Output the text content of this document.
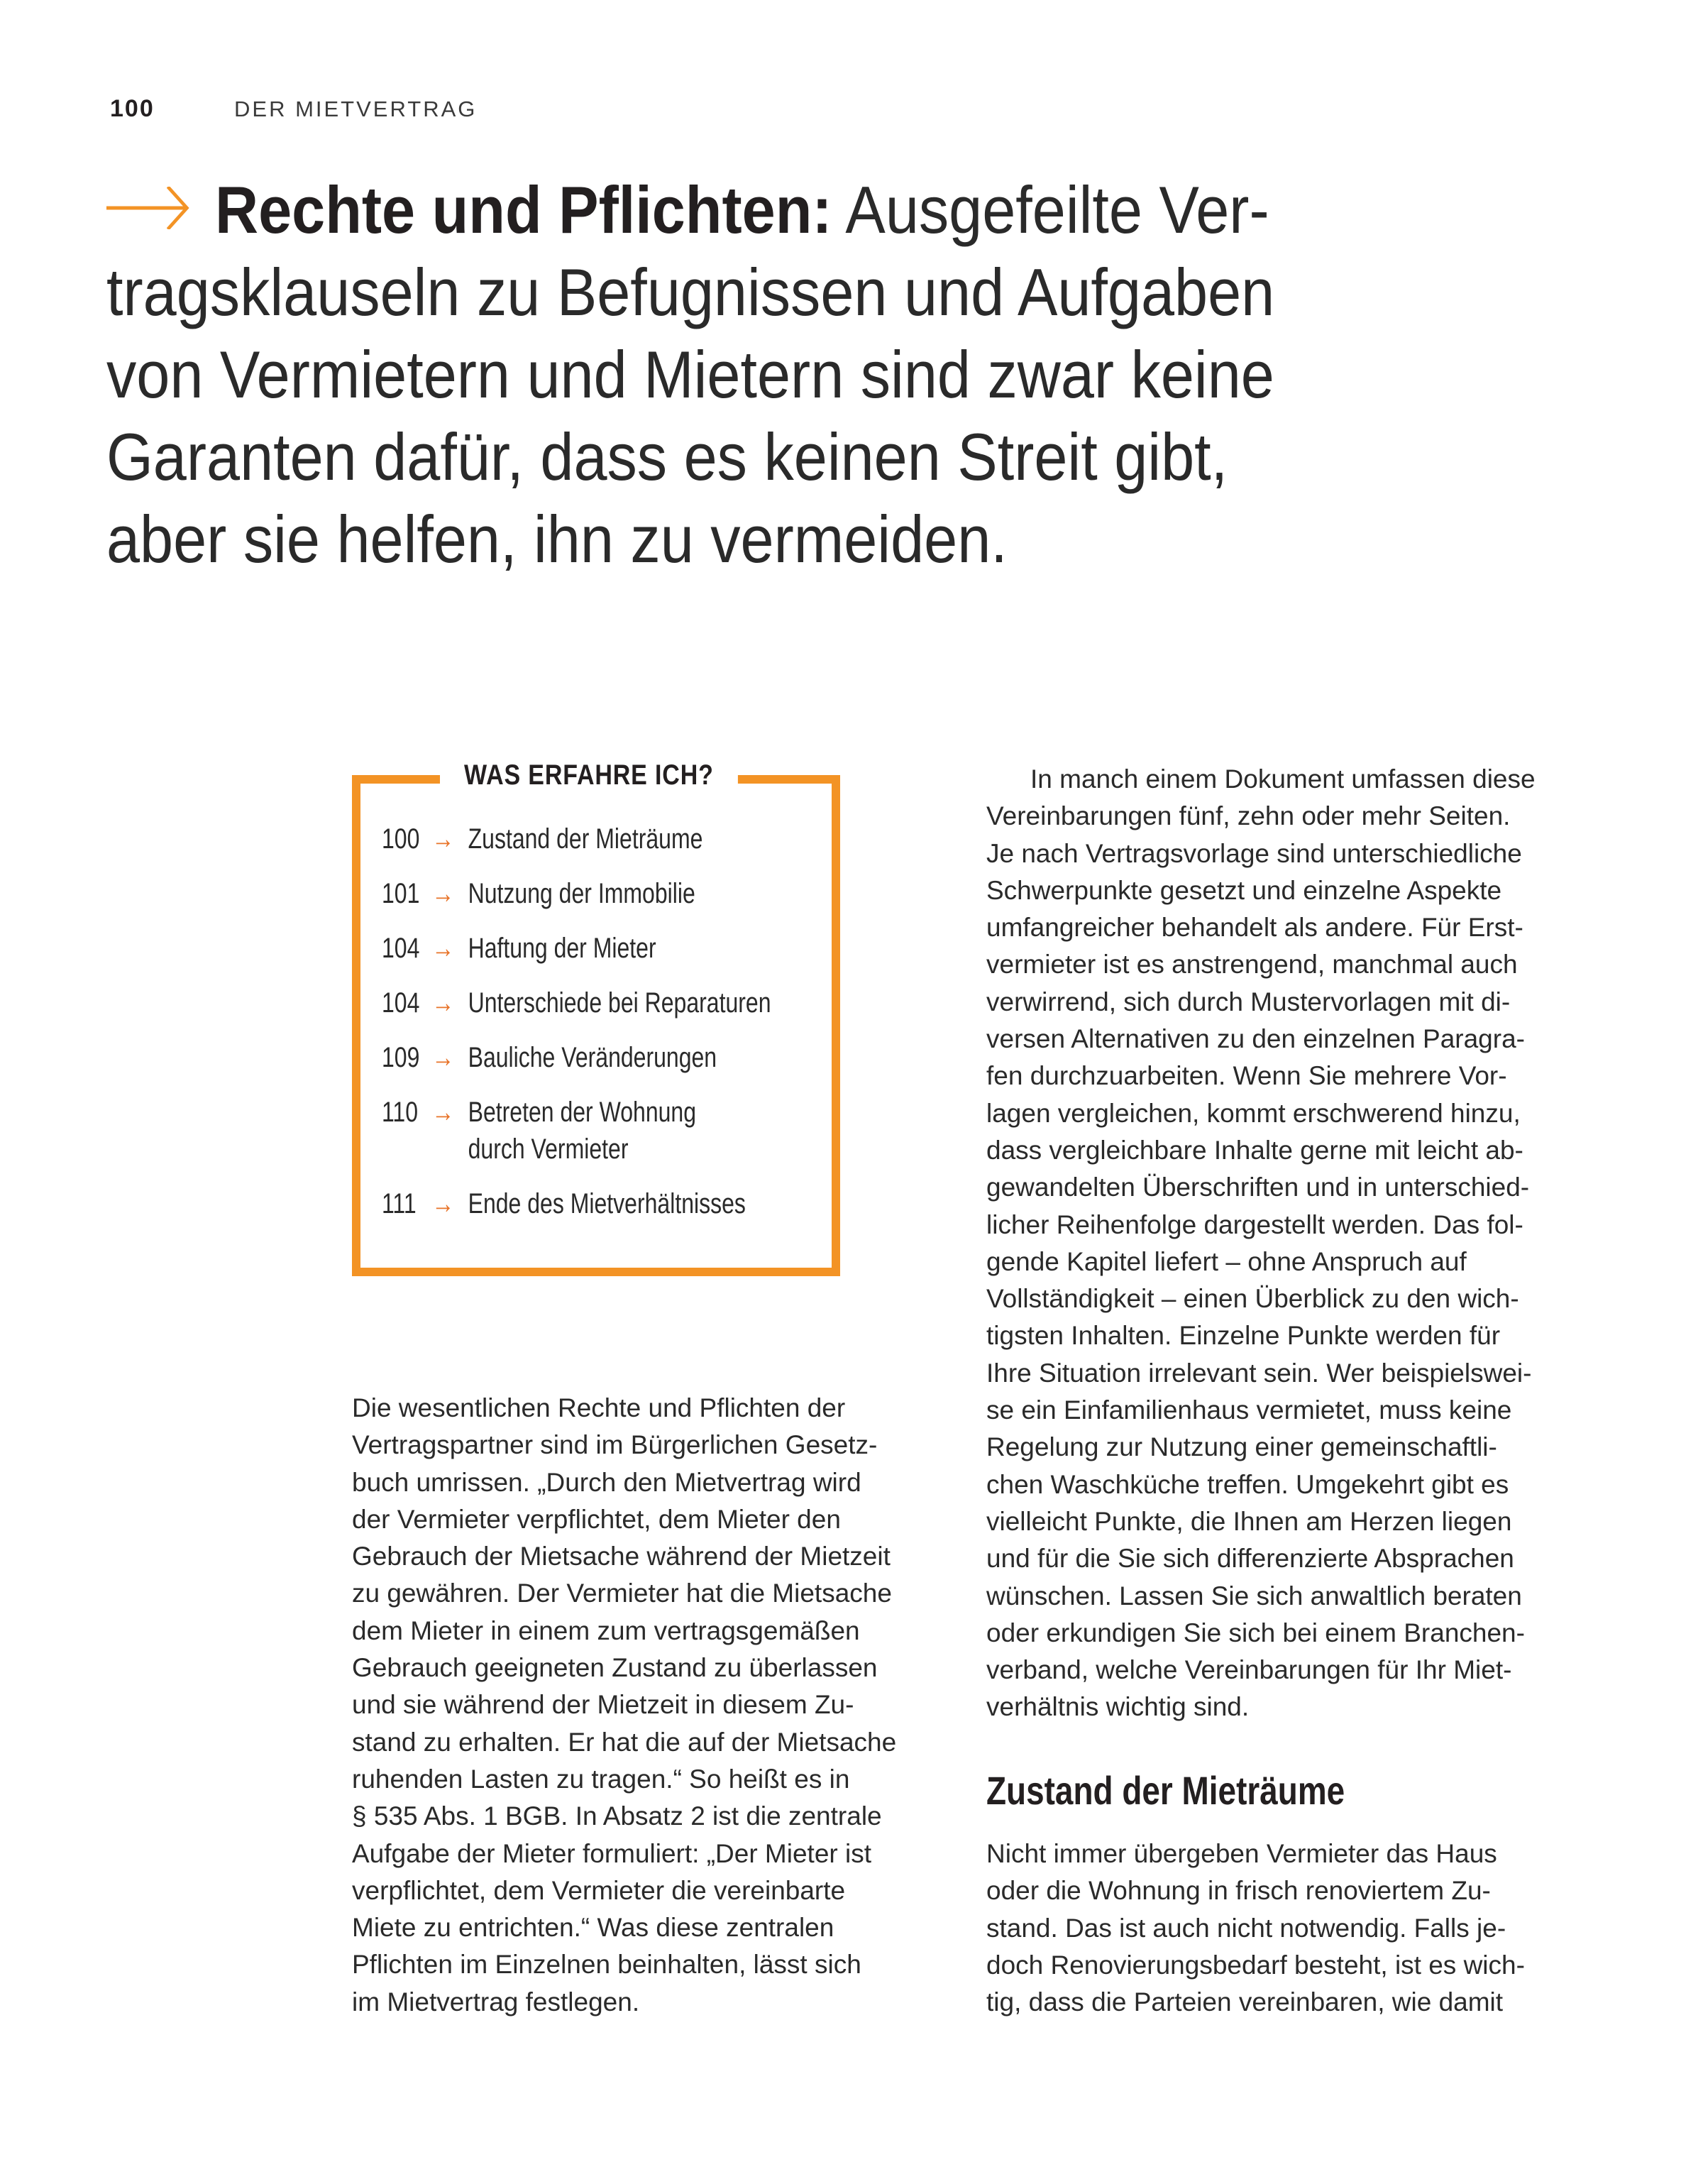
100	DER MIETVERTRAG
Rechte und Pflichten: Ausgefeilte Ver-
tragsklauseln zu Befugnissen und Aufgaben
von Vermietern und Mietern sind zwar keine
Garanten dafür, dass es keinen Streit gibt,
aber sie helfen, ihn zu vermeiden.
WAS ERFAHRE ICH?
100 → Zustand der Mieträume
101 → Nutzung der Immobilie
104 → Haftung der Mieter
104 → Unterschiede bei Reparaturen
109 → Bauliche Veränderungen
110 → Betreten der Wohnung
durch Vermieter
111 → Ende des Mietverhältnisses
Die wesentlichen Rechte und Pflichten der
Vertragspartner sind im Bürgerlichen Gesetz-
buch umrissen. „Durch den Mietvertrag wird
der Vermieter verpflichtet, dem Mieter den
Gebrauch der Mietsache während der Mietzeit
zu gewähren. Der Vermieter hat die Mietsache
dem Mieter in einem zum vertragsgemäßen
Gebrauch geeigneten Zustand zu überlassen
und sie während der Mietzeit in diesem Zu-
stand zu erhalten. Er hat die auf der Mietsache
ruhenden Lasten zu tragen.“ So heißt es in
§ 535 Abs. 1 BGB. In Absatz 2 ist die zentrale
Aufgabe der Mieter formuliert: „Der Mieter ist
verpflichtet, dem Vermieter die vereinbarte
Miete zu entrichten.“ Was diese zentralen
Pflichten im Einzelnen beinhalten, lässt sich
im Mietvertrag festlegen.
In manch einem Dokument umfassen diese
Vereinbarungen fünf, zehn oder mehr Seiten.
Je nach Vertragsvorlage sind unterschiedliche
Schwerpunkte gesetzt und einzelne Aspekte
umfangreicher behandelt als andere. Für Erst-
vermieter ist es anstrengend, manchmal auch
verwirrend, sich durch Mustervorlagen mit di-
versen Alternativen zu den einzelnen Paragra-
fen durchzuarbeiten. Wenn Sie mehrere Vor-
lagen vergleichen, kommt erschwerend hinzu,
dass vergleichbare Inhalte gerne mit leicht ab-
gewandelten Überschriften und in unterschied-
licher Reihenfolge dargestellt werden. Das fol-
gende Kapitel liefert – ohne Anspruch auf
Vollständigkeit – einen Überblick zu den wich-
tigsten Inhalten. Einzelne Punkte werden für
Ihre Situation irrelevant sein. Wer beispielswei-
se ein Einfamilienhaus vermietet, muss keine
Regelung zur Nutzung einer gemeinschaftli-
chen Waschküche treffen. Umgekehrt gibt es
vielleicht Punkte, die Ihnen am Herzen liegen
und für die Sie sich differenzierte Absprachen
wünschen. Lassen Sie sich anwaltlich beraten
oder erkundigen Sie sich bei einem Branchen-
verband, welche Vereinbarungen für Ihr Miet-
verhältnis wichtig sind.
Zustand der Mieträume
Nicht immer übergeben Vermieter das Haus
oder die Wohnung in frisch renoviertem Zu-
stand. Das ist auch nicht notwendig. Falls je-
doch Renovierungsbedarf besteht, ist es wich-
tig, dass die Parteien vereinbaren, wie damit
